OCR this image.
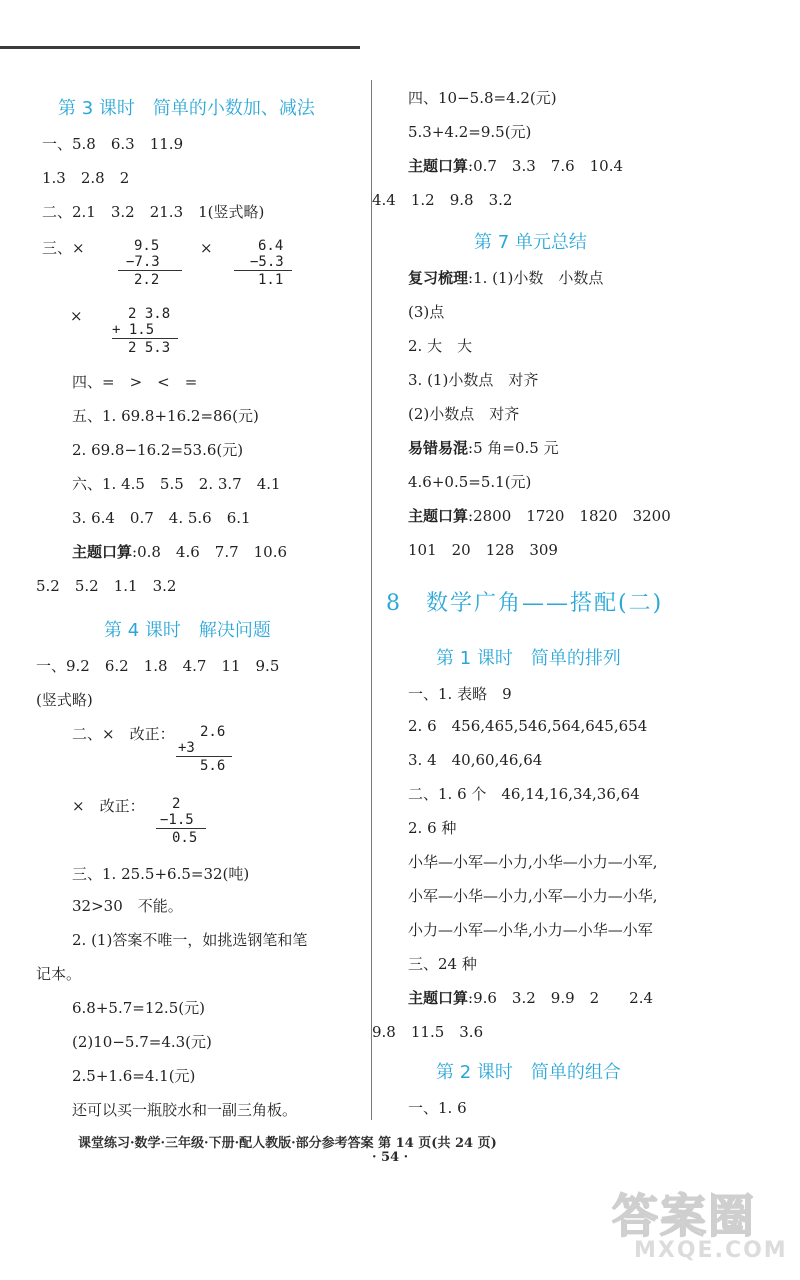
第 3 课时　简单的小数加、减法
一、5.8　6.3　11.9
1.3　2.8　2
二、2.1　3.2　21.3　1(竖式略)
三、×	9.5
−7.3
2.2
×	6.4
−5.3
1.1
×	2 3.8
+ 1.5
2 5.3
四、=　>　<　=
五、1. 69.8+16.2=86(元)
2. 69.8−16.2=53.6(元)
六、1. 4.5　5.5　2. 3.7　4.1
3. 6.4　0.7　4. 5.6　6.1
主题口算:0.8　4.6　7.7　10.6
5.2　5.2　1.1　3.2
第 4 课时　解决问题
一、9.2　6.2　1.8　4.7　11　9.5
(竖式略)
二、×　改正： 2.6
+3
5.6
×　改正： 2
−1.5
0.5
三、1. 25.5+6.5=32(吨)
32>30　不能。
2. (1)答案不唯一，如挑选钢笔和笔
记本。
6.8+5.7=12.5(元)
(2)10−5.7=4.3(元)
2.5+1.6=4.1(元)
还可以买一瓶胶水和一副三角板。
四、10−5.8=4.2(元)
5.3+4.2=9.5(元)
主题口算:0.7　3.3　7.6　10.4
4.4　1.2　9.8　3.2
第 7 单元总结
复习梳理:1. (1)小数　小数点
(3)点
2. 大　大
3. (1)小数点　对齐
(2)小数点　对齐
易错易混:5 角=0.5 元
4.6+0.5=5.1(元)
主题口算:2800　1720　1820　3200
101　20　128　309
8　数学广角——搭配(二)
第 1 课时　简单的排列
一、1. 表略　9
2. 6　456,465,546,564,645,654
3. 4　40,60,46,64
二、1. 6 个　46,14,16,34,36,64
2. 6 种
小华—小军—小力,小华—小力—小军,
小军—小华—小力,小军—小力—小华,
小力—小军—小华,小力—小华—小军
三、24 种
主题口算:9.6　3.2　9.9　2　　2.4
9.8　11.5　3.6
第 2 课时　简单的组合
一、1. 6
课堂练习·数学·三年级·下册·配人教版·部分参考答案 第 14 页(共 24 页)
· 54 ·
答案圈
MXQE.COM
